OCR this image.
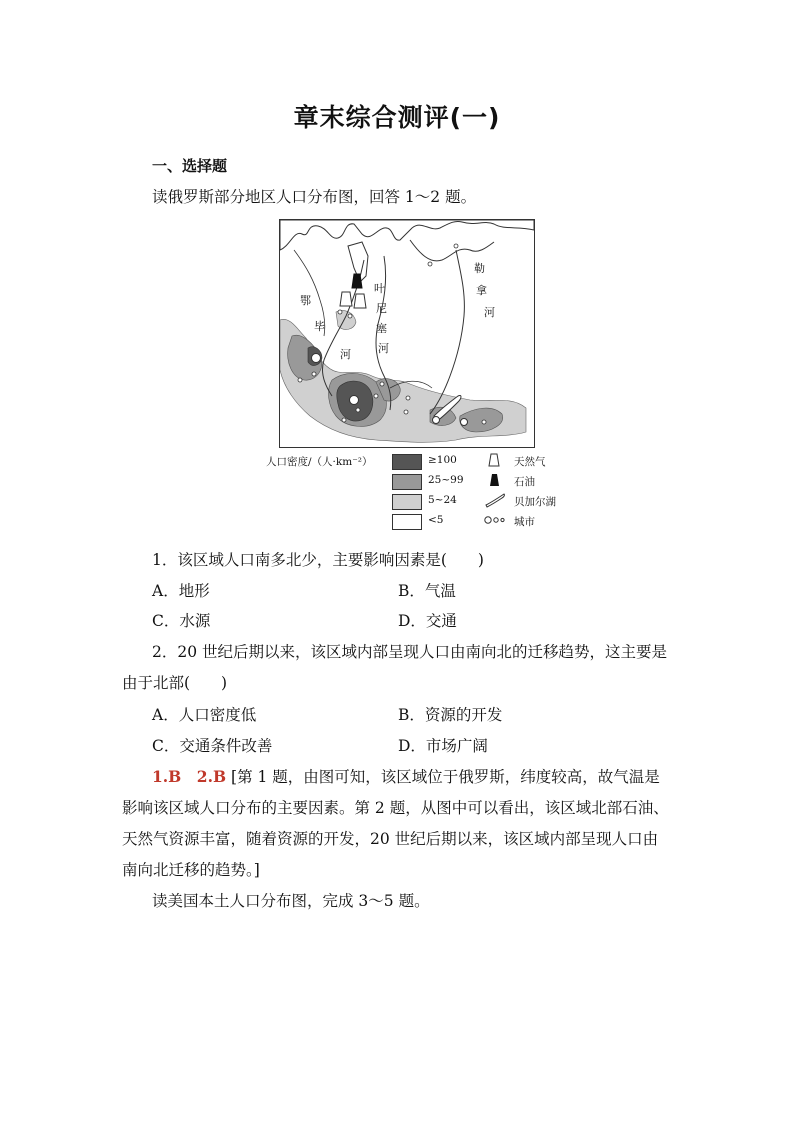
章末综合测评(一)
一、选择题
读俄罗斯部分地区人口分布图，回答 1～2 题。
鄂
毕
河
叶
尼
塞
河
勒
拿
河
人口密度/（人·km⁻²）	≥100
25~99
5~24
<5
天然气
石油
贝加尔湖
城市
1．该区域人口南多北少，主要影响因素是(　　)
A．地形	B．气温
C．水源	D．交通
2．20 世纪后期以来，该区域内部呈现人口由南向北的迁移趋势，这主要是
由于北部(　　)
A．人口密度低	B．资源的开发
C．交通条件改善	D．市场广阔
1.B　2.B [第 1 题，由图可知，该区域位于俄罗斯，纬度较高，故气温是
影响该区域人口分布的主要因素。第 2 题，从图中可以看出，该区域北部石油、
天然气资源丰富，随着资源的开发，20 世纪后期以来，该区域内部呈现人口由
南向北迁移的趋势。]
读美国本土人口分布图，完成 3～5 题。
